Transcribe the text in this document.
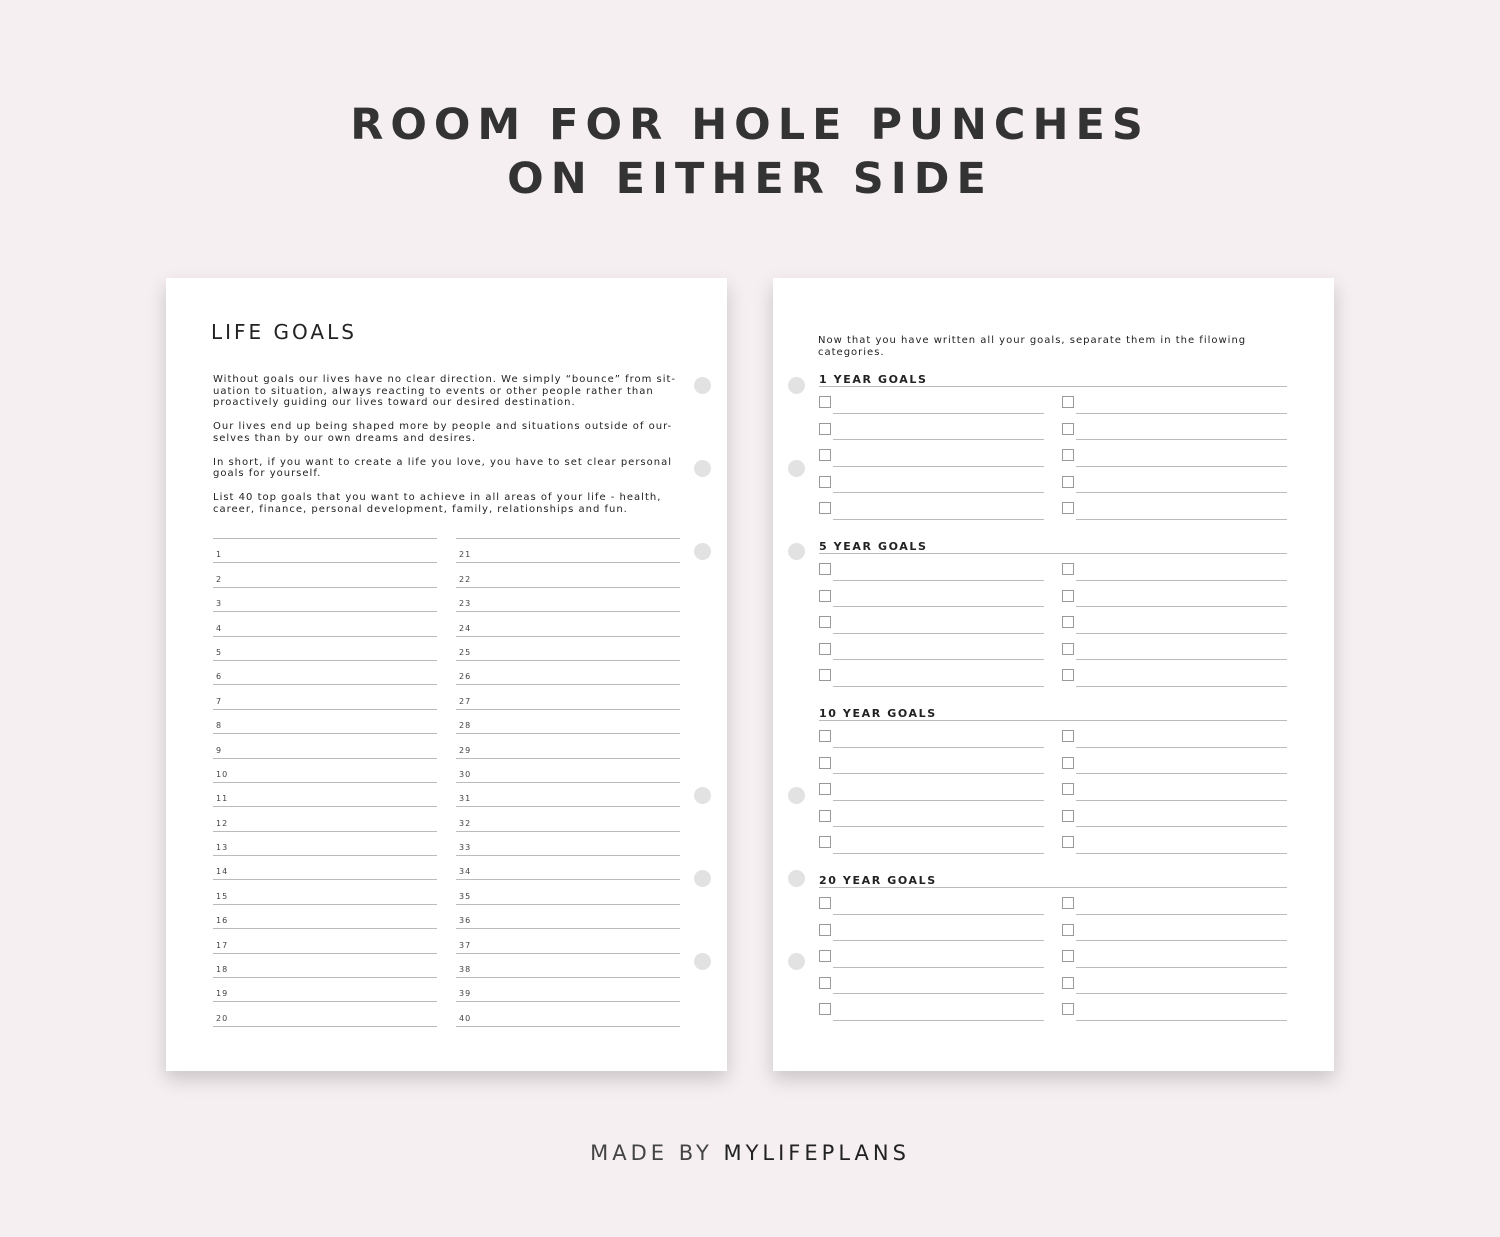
ROOM FOR HOLE PUNCHES
ON EITHER SIDE
LIFE GOALS

Without goals our lives have no clear direction. We simply “bounce” from sit-uation to situation, always reacting to events or other people rather than proactively guiding our lives toward our desired destination.

Our lives end up being shaped more by people and situations outside of our-selves than by our own dreams and desires.

In short, if you want to create a life you love, you have to set clear personal goals for yourself.

List 40 top goals that you want to achieve in all areas of your life - health, career, finance, personal development, family, relationships and fun.

1
2
3
4
5
6
7
8
9
10
11
12
13
14
15
16
17
18
19
20
21
22
23
24
25
26
27
28
29
30
31
32
33
34
35
36
37
38
39
40
Now that you have written all your goals, separate them in the filowing categories.
1 YEAR GOALS
5 YEAR GOALS
10 YEAR GOALS
20 YEAR GOALS
MADE BY MYLIFEPLANS
